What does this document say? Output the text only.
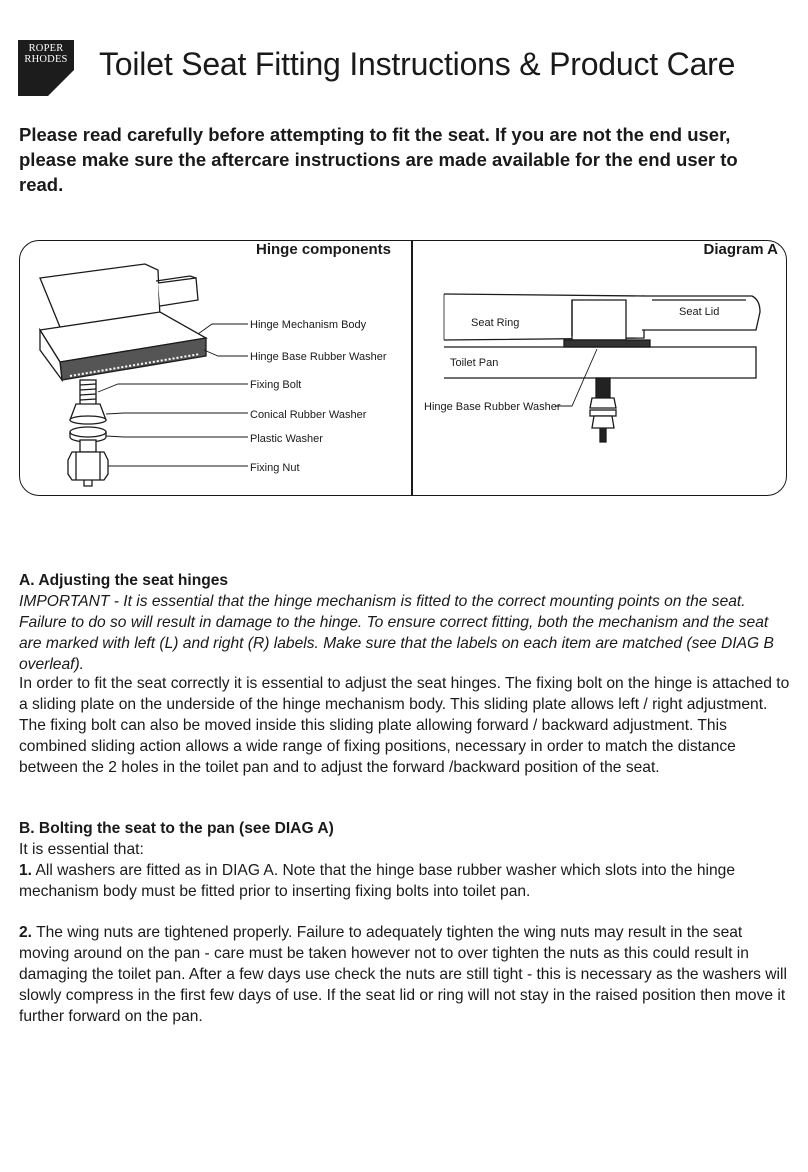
ROPER
RHODES Toilet Seat Fitting Instructions & Product Care

Please read carefully before attempting to fit the seat. If you are not the end user, please make sure the aftercare instructions are made available for the end user to read.

Hinge components	Diagram A
Hinge Mechanism Body
Hinge Base Rubber Washer
Fixing Bolt
Conical Rubber Washer
Plastic Washer
Fixing Nut
Seat Lid
Seat Ring
Toilet Pan
Hinge Base Rubber Washer

A. Adjusting the seat hinges

IMPORTANT - It is essential that the hinge mechanism is fitted to the correct mounting points on the seat. Failure to do so will result in damage to the hinge. To ensure correct fitting, both the mechanism and the seat are marked with left (L) and right (R) labels. Make sure that the labels on each item are matched (see DIAG B overleaf).

In order to fit the seat correctly it is essential to adjust the seat hinges. The fixing bolt on the hinge is attached to a sliding plate on the underside of the hinge mechanism body. This sliding plate allows left / right adjustment. The fixing bolt can also be moved inside this sliding plate allowing forward / backward adjustment. This combined sliding action allows a wide range of fixing positions, necessary in order to match the distance between the 2 holes in the toilet pan and to adjust the forward /backward position of the seat.

B. Bolting the seat to the pan (see DIAG A)

It is essential that:

1. All washers are fitted as in DIAG A. Note that the hinge base rubber washer which slots into the hinge mechanism body must be fitted prior to inserting fixing bolts into toilet pan.

2. The wing nuts are tightened properly. Failure to adequately tighten the wing nuts may result in the seat moving around on the pan - care must be taken however not to over tighten the nuts as this could result in damaging the toilet pan. After a few days use check the nuts are still tight - this is necessary as the washers will slowly compress in the first few days of use. If the seat lid or ring will not stay in the raised position then move it further forward on the pan.
